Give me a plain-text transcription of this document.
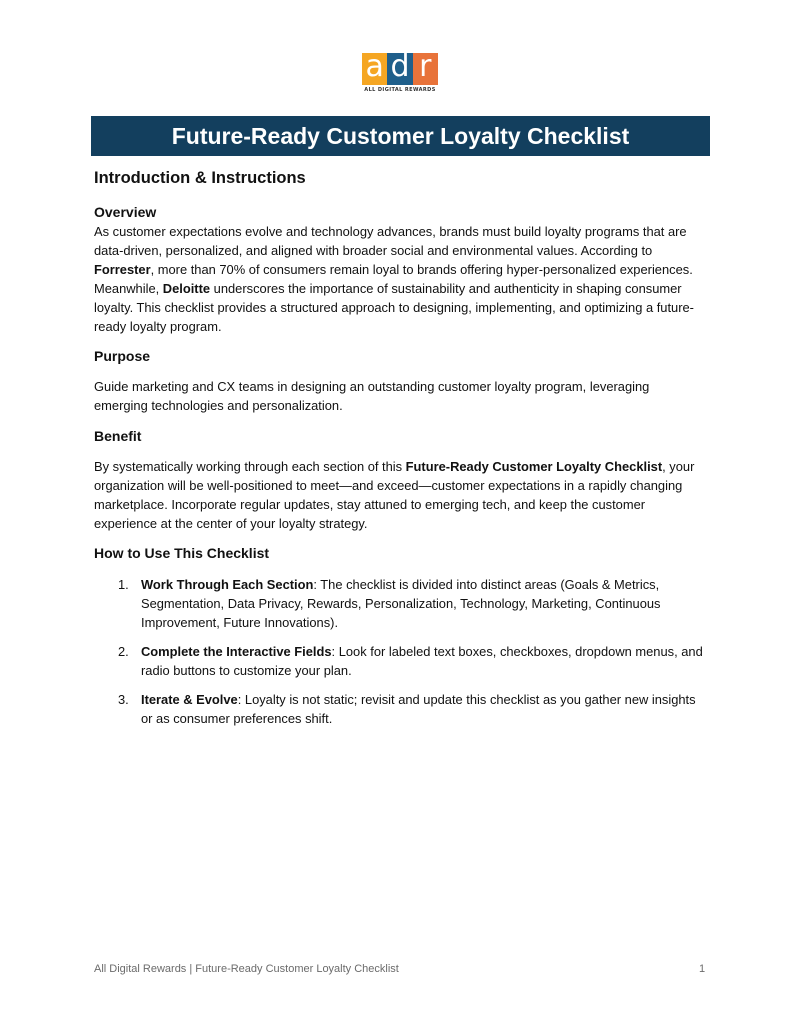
a d r
ALL DIGITAL REWARDS
Future-Ready Customer Loyalty Checklist
Introduction & Instructions
Overview
As customer expectations evolve and technology advances, brands must build loyalty programs that are data-driven, personalized, and aligned with broader social and environmental values. According to Forrester, more than 70% of consumers remain loyal to brands offering hyper-personalized experiences. Meanwhile, Deloitte underscores the importance of sustainability and authenticity in shaping consumer loyalty. This checklist provides a structured approach to designing, implementing, and optimizing a future-ready loyalty program.
Purpose
Guide marketing and CX teams in designing an outstanding customer loyalty program, leveraging emerging technologies and personalization.
Benefit
By systematically working through each section of this Future-Ready Customer Loyalty Checklist, your organization will be well-positioned to meet—and exceed—customer expectations in a rapidly changing marketplace. Incorporate regular updates, stay attuned to emerging tech, and keep the customer experience at the center of your loyalty strategy.
How to Use This Checklist
1. Work Through Each Section: The checklist is divided into distinct areas (Goals & Metrics, Segmentation, Data Privacy, Rewards, Personalization, Technology, Marketing, Continuous Improvement, Future Innovations).
2. Complete the Interactive Fields: Look for labeled text boxes, checkboxes, dropdown menus, and radio buttons to customize your plan.
3. Iterate & Evolve: Loyalty is not static; revisit and update this checklist as you gather new insights or as consumer preferences shift.
All Digital Rewards | Future-Ready Customer Loyalty Checklist	1
